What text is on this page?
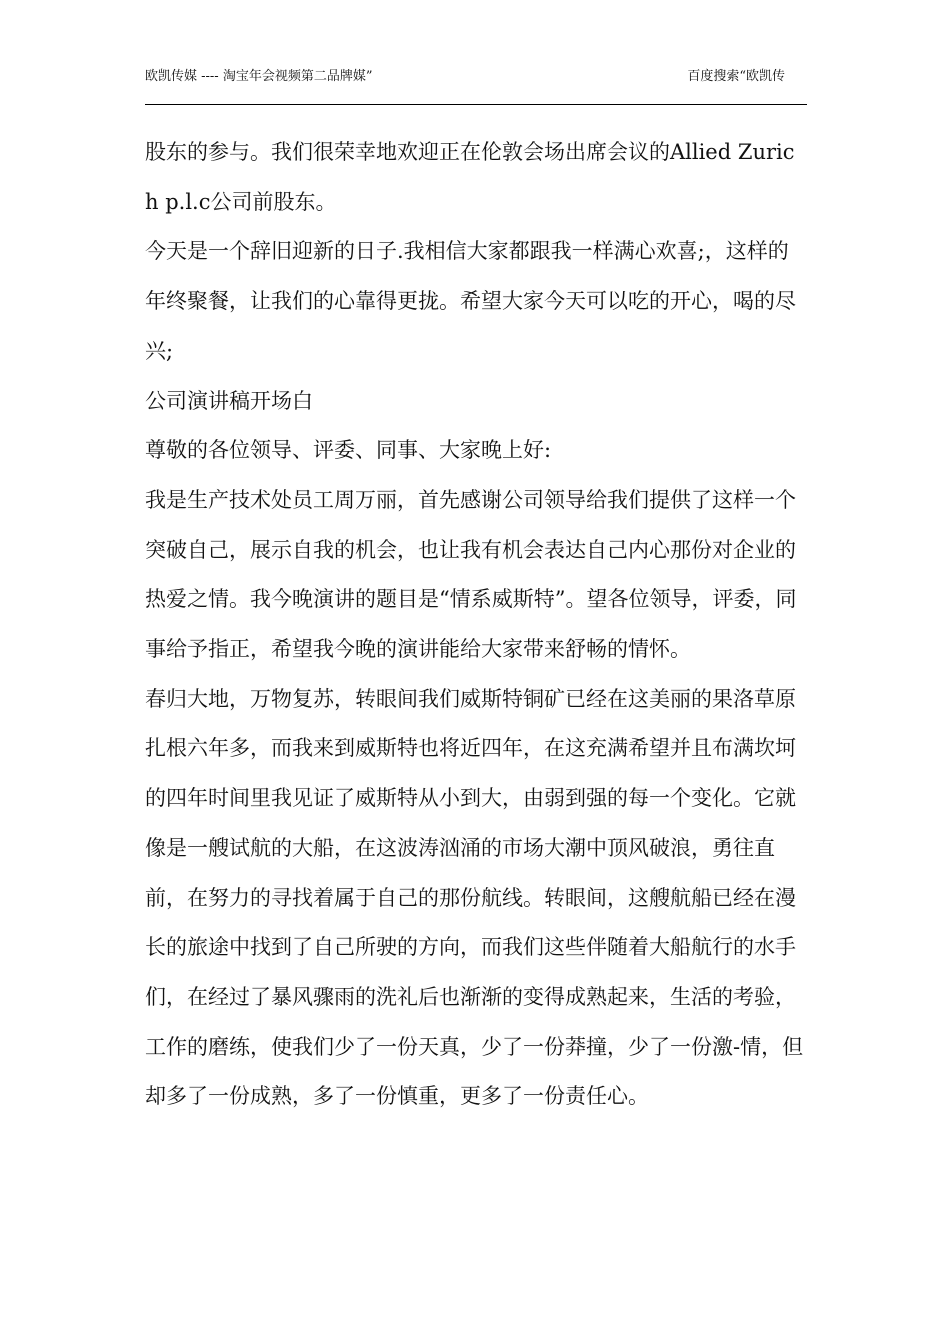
欧凯传媒 ---- 淘宝年会视频第二品牌媒”	百度搜索“欧凯传

股东的参与。我们很荣幸地欢迎正在伦敦会场出席会议的Allied Zurich p.l.c公司前股东。

今天是一个辞旧迎新的日子.我相信大家都跟我一样满心欢喜;，这样的年终聚餐，让我们的心靠得更拢。希望大家今天可以吃的开心，喝的尽兴;

公司演讲稿开场白

尊敬的各位领导、评委、同事、大家晚上好:

我是生产技术处员工周万丽，首先感谢公司领导给我们提供了这样一个突破自己，展示自我的机会，也让我有机会表达自己内心那份对企业的热爱之情。我今晚演讲的题目是“情系威斯特”。望各位领导，评委，同事给予指正，希望我今晚的演讲能给大家带来舒畅的情怀。

春归大地，万物复苏，转眼间我们威斯特铜矿已经在这美丽的果洛草原扎根六年多，而我来到威斯特也将近四年，在这充满希望并且布满坎坷的四年时间里我见证了威斯特从小到大，由弱到强的每一个变化。它就像是一艘试航的大船，在这波涛汹涌的市场大潮中顶风破浪，勇往直前，在努力的寻找着属于自己的那份航线。转眼间，这艘航船已经在漫长的旅途中找到了自己所驶的方向，而我们这些伴随着大船航行的水手们，在经过了暴风骤雨的洗礼后也渐渐的变得成熟起来，生活的考验，工作的磨练，使我们少了一份天真，少了一份莽撞，少了一份激-情，但却多了一份成熟，多了一份慎重，更多了一份责任心。
